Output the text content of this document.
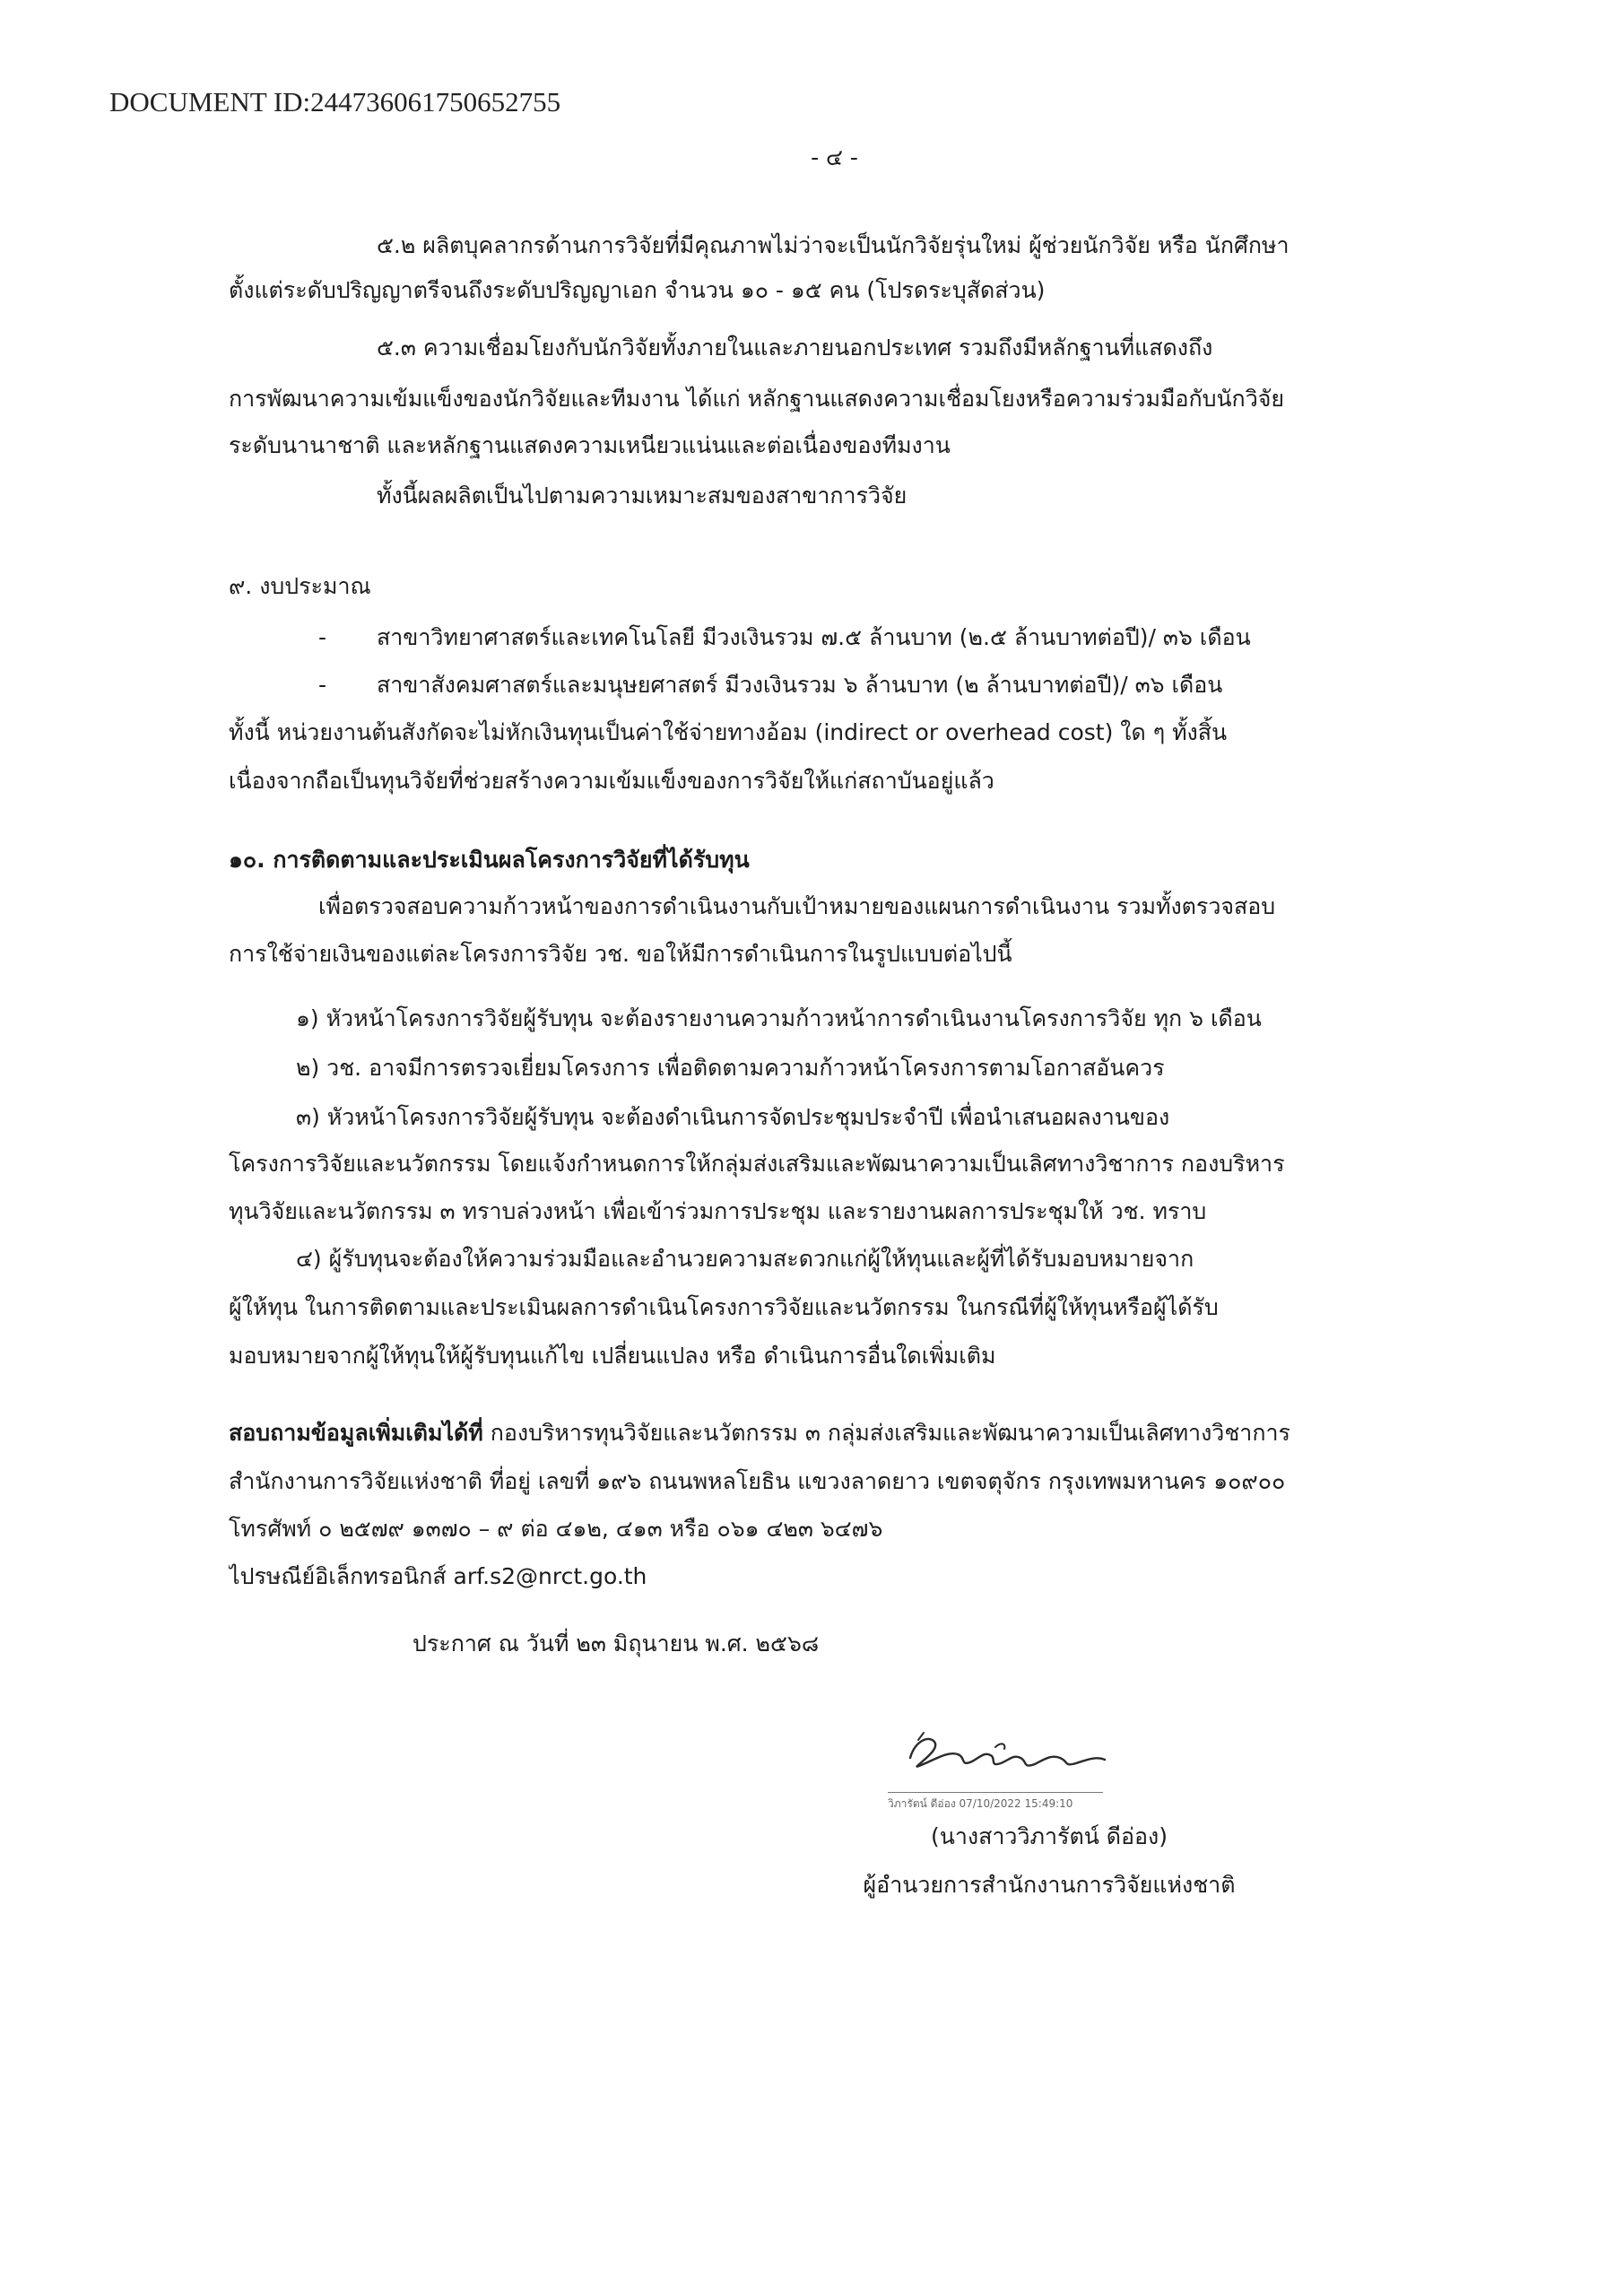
DOCUMENT ID:244736061750652755
- ๔ -
๕.๒ ผลิตบุคลากรด้านการวิจัยที่มีคุณภาพไม่ว่าจะเป็นนักวิจัยรุ่นใหม่ ผู้ช่วยนักวิจัย หรือ นักศึกษา
ตั้งแต่ระดับปริญญาตรีจนถึงระดับปริญญาเอก จำนวน ๑๐ - ๑๕ คน (โปรดระบุสัดส่วน)
๕.๓ ความเชื่อมโยงกับนักวิจัยทั้งภายในและภายนอกประเทศ รวมถึงมีหลักฐานที่แสดงถึง
การพัฒนาความเข้มแข็งของนักวิจัยและทีมงาน ได้แก่ หลักฐานแสดงความเชื่อมโยงหรือความร่วมมือกับนักวิจัย
ระดับนานาชาติ และหลักฐานแสดงความเหนียวแน่นและต่อเนื่องของทีมงาน
ทั้งนี้ผลผลิตเป็นไปตามความเหมาะสมของสาขาการวิจัย
๙. งบประมาณ
- สาขาวิทยาศาสตร์และเทคโนโลยี มีวงเงินรวม ๗.๕ ล้านบาท (๒.๕ ล้านบาทต่อปี)/ ๓๖ เดือน
- สาขาสังคมศาสตร์และมนุษยศาสตร์ มีวงเงินรวม ๖ ล้านบาท (๒ ล้านบาทต่อปี)/ ๓๖ เดือน
ทั้งนี้ หน่วยงานต้นสังกัดจะไม่หักเงินทุนเป็นค่าใช้จ่ายทางอ้อม (indirect or overhead cost) ใด ๆ ทั้งสิ้น
เนื่องจากถือเป็นทุนวิจัยที่ช่วยสร้างความเข้มแข็งของการวิจัยให้แก่สถาบันอยู่แล้ว
๑๐. การติดตามและประเมินผลโครงการวิจัยที่ได้รับทุน
เพื่อตรวจสอบความก้าวหน้าของการดำเนินงานกับเป้าหมายของแผนการดำเนินงาน รวมทั้งตรวจสอบ
การใช้จ่ายเงินของแต่ละโครงการวิจัย วช. ขอให้มีการดำเนินการในรูปแบบต่อไปนี้
๑) หัวหน้าโครงการวิจัยผู้รับทุน จะต้องรายงานความก้าวหน้าการดำเนินงานโครงการวิจัย ทุก ๖ เดือน
๒) วช. อาจมีการตรวจเยี่ยมโครงการ เพื่อติดตามความก้าวหน้าโครงการตามโอกาสอันควร
๓) หัวหน้าโครงการวิจัยผู้รับทุน จะต้องดำเนินการจัดประชุมประจำปี เพื่อนำเสนอผลงานของ
โครงการวิจัยและนวัตกรรม โดยแจ้งกำหนดการให้กลุ่มส่งเสริมและพัฒนาความเป็นเลิศทางวิชาการ กองบริหาร
ทุนวิจัยและนวัตกรรม ๓ ทราบล่วงหน้า เพื่อเข้าร่วมการประชุม และรายงานผลการประชุมให้ วช. ทราบ
๔) ผู้รับทุนจะต้องให้ความร่วมมือและอำนวยความสะดวกแก่ผู้ให้ทุนและผู้ที่ได้รับมอบหมายจาก
ผู้ให้ทุน ในการติดตามและประเมินผลการดำเนินโครงการวิจัยและนวัตกรรม ในกรณีที่ผู้ให้ทุนหรือผู้ได้รับ
มอบหมายจากผู้ให้ทุนให้ผู้รับทุนแก้ไข เปลี่ยนแปลง หรือ ดำเนินการอื่นใดเพิ่มเติม
สอบถามข้อมูลเพิ่มเติมได้ที่ กองบริหารทุนวิจัยและนวัตกรรม ๓ กลุ่มส่งเสริมและพัฒนาความเป็นเลิศทางวิชาการ
สำนักงานการวิจัยแห่งชาติ ที่อยู่ เลขที่ ๑๙๖ ถนนพหลโยธิน แขวงลาดยาว เขตจตุจักร กรุงเทพมหานคร ๑๐๙๐๐
โทรศัพท์ ๐ ๒๕๗๙ ๑๓๗๐ – ๙ ต่อ ๔๑๒, ๔๑๓ หรือ ๐๖๑ ๔๒๓ ๖๔๗๖
ไปรษณีย์อิเล็กทรอนิกส์ arf.s2@nrct.go.th
ประกาศ ณ วันที่ ๒๓ มิถุนายน พ.ศ. ๒๕๖๘
วิภารัตน์ ดีอ่อง 07/10/2022 15:49:10
(นางสาววิภารัตน์ ดีอ่อง)
ผู้อำนวยการสำนักงานการวิจัยแห่งชาติ
